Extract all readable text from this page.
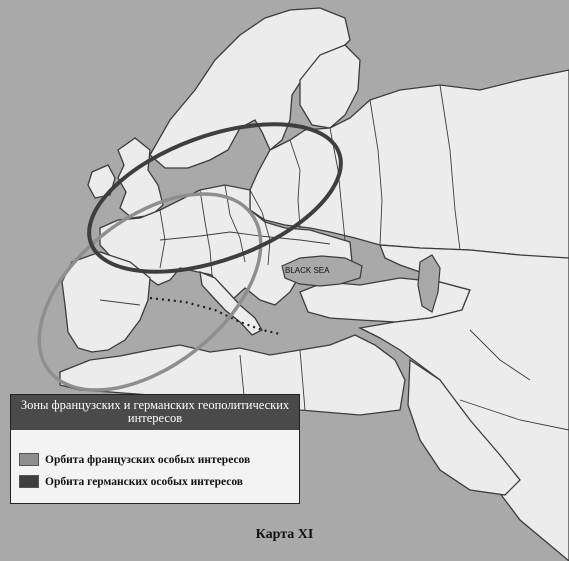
BLACK SEA
Зоны французских и германских геополитических интересов
Орбита французских особых интересов
Орбита германских особых интересов
Карта XI
